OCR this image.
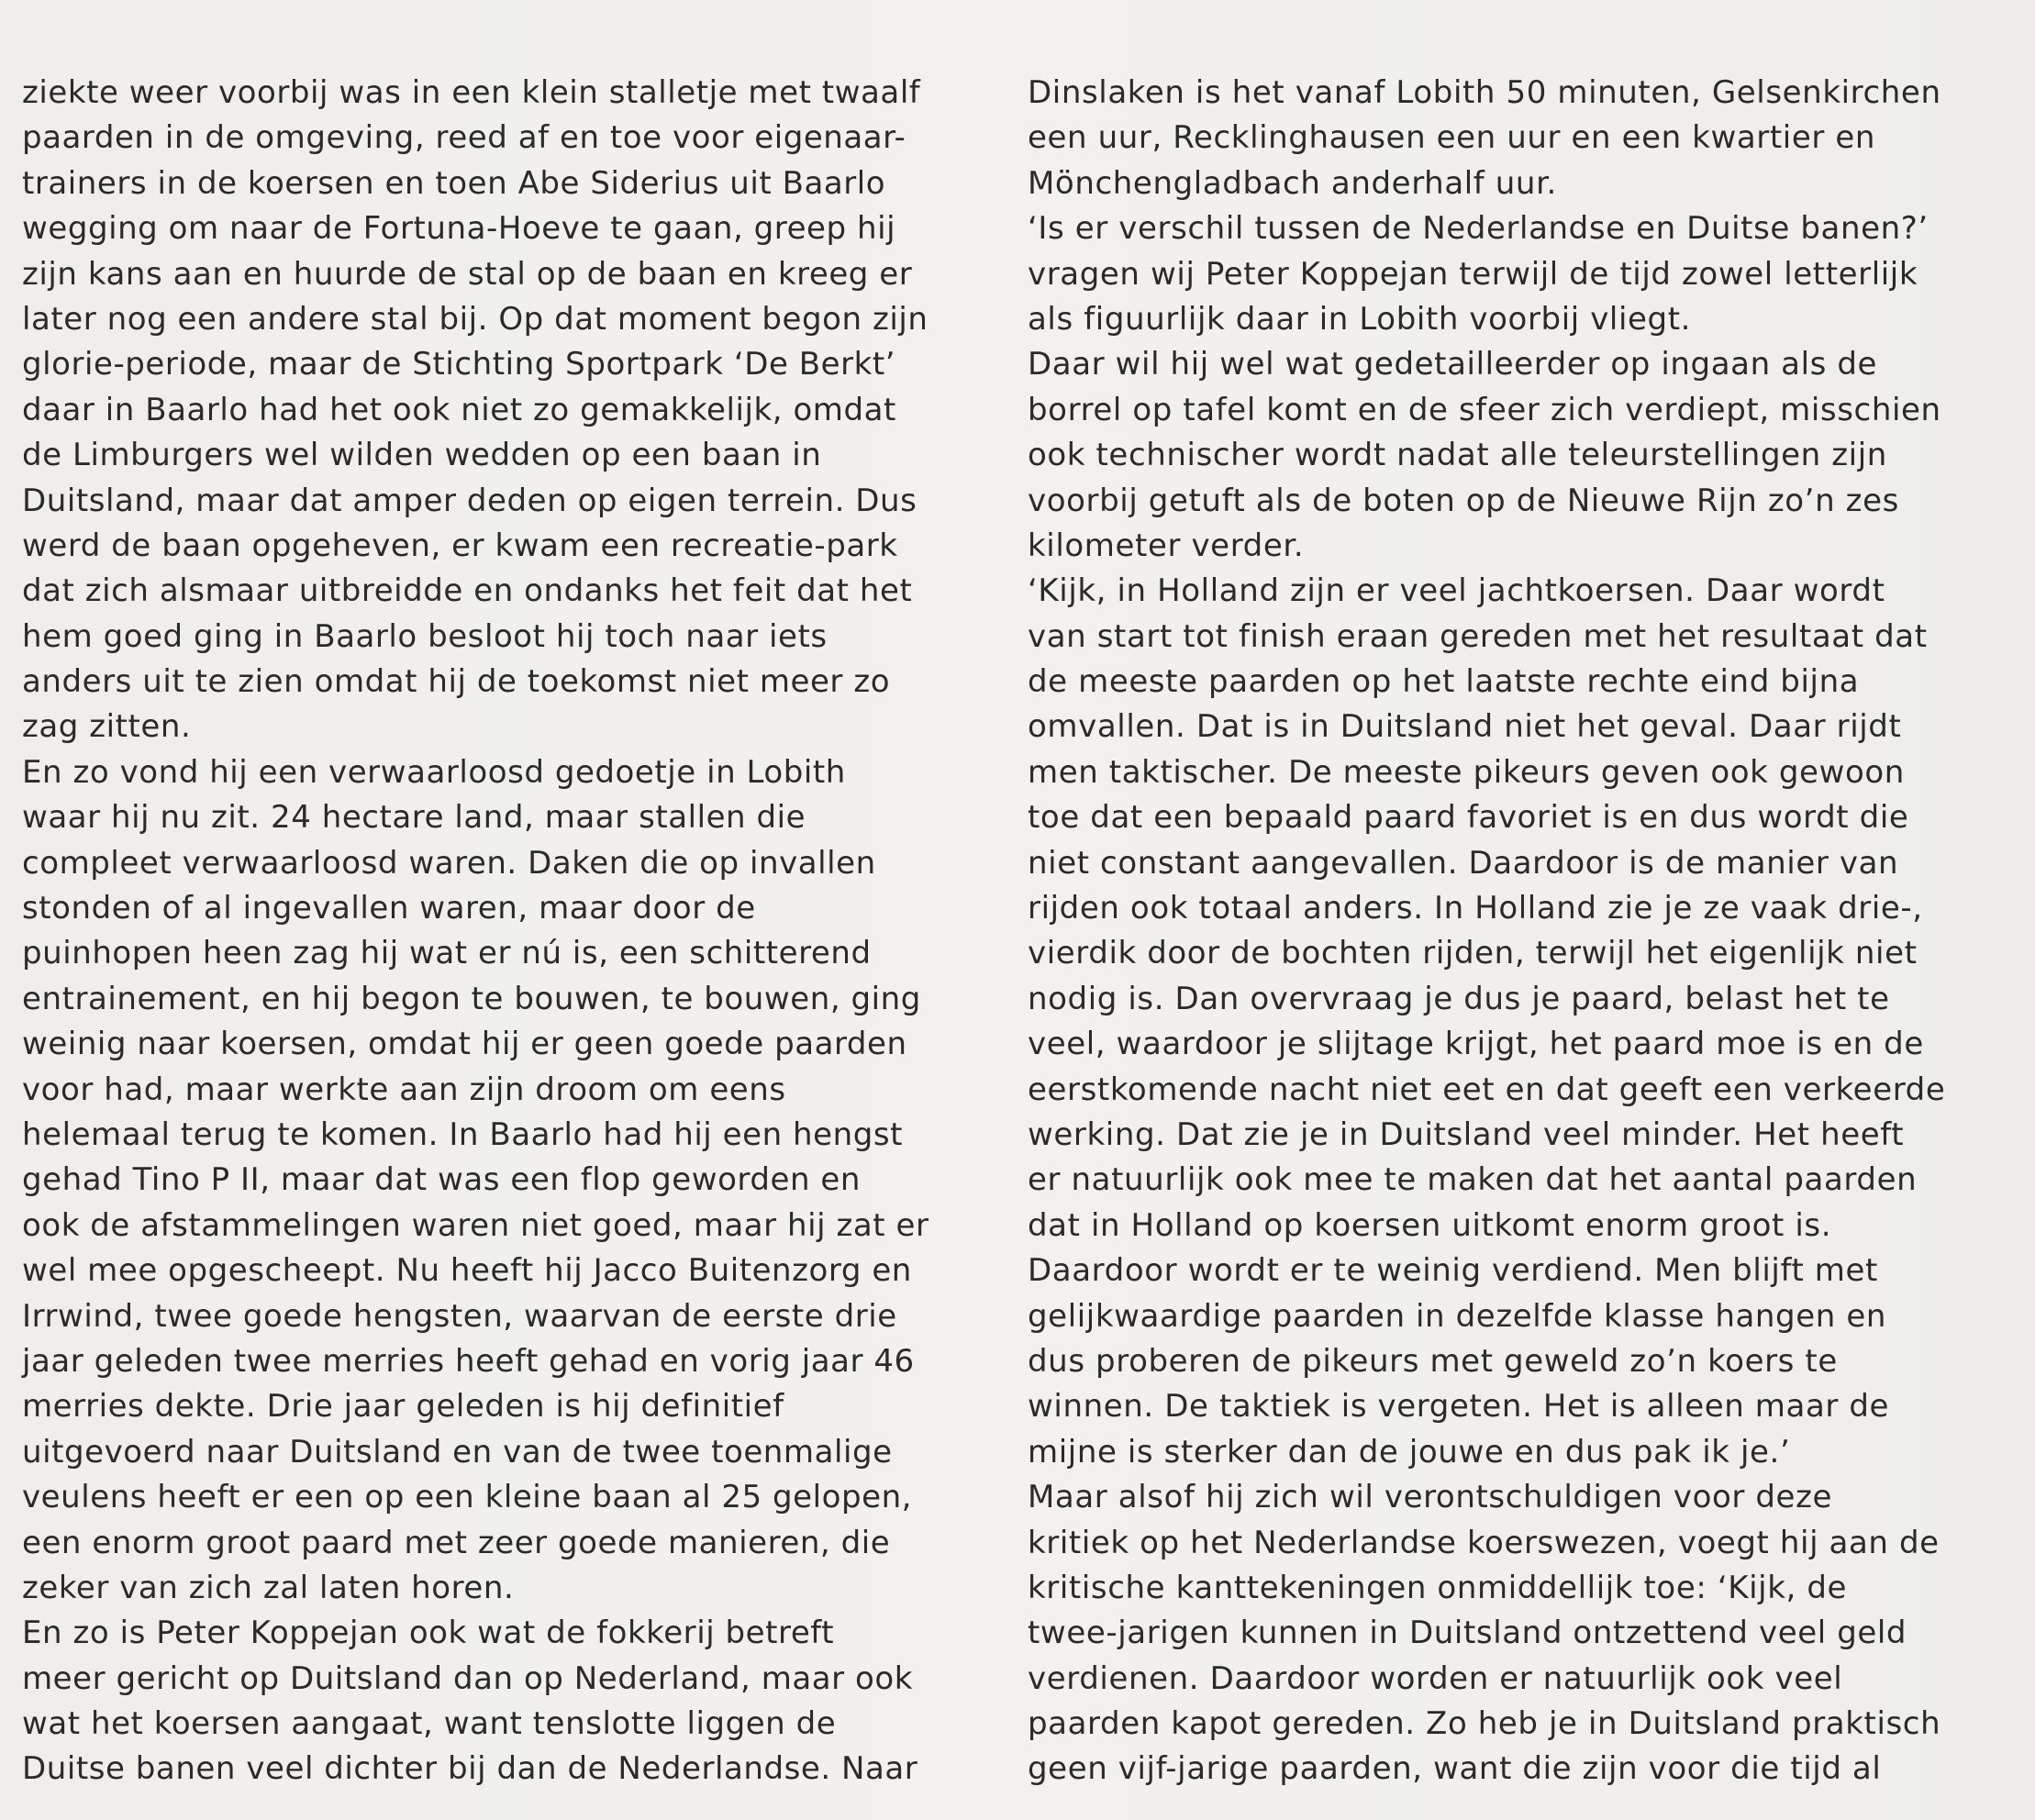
ziekte weer voorbij was in een klein stalletje met twaalf
paarden in de omgeving, reed af en toe voor eigenaar-
trainers in de koersen en toen Abe Siderius uit Baarlo
wegging om naar de Fortuna-Hoeve te gaan, greep hij
zijn kans aan en huurde de stal op de baan en kreeg er
later nog een andere stal bij. Op dat moment begon zijn
glorie-periode, maar de Stichting Sportpark ‘De Berkt’
daar in Baarlo had het ook niet zo gemakkelijk, omdat
de Limburgers wel wilden wedden op een baan in
Duitsland, maar dat amper deden op eigen terrein. Dus
werd de baan opgeheven, er kwam een recreatie-park
dat zich alsmaar uitbreidde en ondanks het feit dat het
hem goed ging in Baarlo besloot hij toch naar iets
anders uit te zien omdat hij de toekomst niet meer zo
zag zitten.
En zo vond hij een verwaarloosd gedoetje in Lobith
waar hij nu zit. 24 hectare land, maar stallen die
compleet verwaarloosd waren. Daken die op invallen
stonden of al ingevallen waren, maar door de
puinhopen heen zag hij wat er nú is, een schitterend
entrainement, en hij begon te bouwen, te bouwen, ging
weinig naar koersen, omdat hij er geen goede paarden
voor had, maar werkte aan zijn droom om eens
helemaal terug te komen. In Baarlo had hij een hengst
gehad Tino P II, maar dat was een flop geworden en
ook de afstammelingen waren niet goed, maar hij zat er
wel mee opgescheept. Nu heeft hij Jacco Buitenzorg en
Irrwind, twee goede hengsten, waarvan de eerste drie
jaar geleden twee merries heeft gehad en vorig jaar 46
merries dekte. Drie jaar geleden is hij definitief
uitgevoerd naar Duitsland en van de twee toenmalige
veulens heeft er een op een kleine baan al 25 gelopen,
een enorm groot paard met zeer goede manieren, die
zeker van zich zal laten horen.
En zo is Peter Koppejan ook wat de fokkerij betreft
meer gericht op Duitsland dan op Nederland, maar ook
wat het koersen aangaat, want tenslotte liggen de
Duitse banen veel dichter bij dan de Nederlandse. Naar
Dinslaken is het vanaf Lobith 50 minuten, Gelsenkirchen
een uur, Recklinghausen een uur en een kwartier en
Mönchengladbach anderhalf uur.
‘Is er verschil tussen de Nederlandse en Duitse banen?’
vragen wij Peter Koppejan terwijl de tijd zowel letterlijk
als figuurlijk daar in Lobith voorbij vliegt.
Daar wil hij wel wat gedetailleerder op ingaan als de
borrel op tafel komt en de sfeer zich verdiept, misschien
ook technischer wordt nadat alle teleurstellingen zijn
voorbij getuft als de boten op de Nieuwe Rijn zo’n zes
kilometer verder.
‘Kijk, in Holland zijn er veel jachtkoersen. Daar wordt
van start tot finish eraan gereden met het resultaat dat
de meeste paarden op het laatste rechte eind bijna
omvallen. Dat is in Duitsland niet het geval. Daar rijdt
men taktischer. De meeste pikeurs geven ook gewoon
toe dat een bepaald paard favoriet is en dus wordt die
niet constant aangevallen. Daardoor is de manier van
rijden ook totaal anders. In Holland zie je ze vaak drie-,
vierdik door de bochten rijden, terwijl het eigenlijk niet
nodig is. Dan overvraag je dus je paard, belast het te
veel, waardoor je slijtage krijgt, het paard moe is en de
eerstkomende nacht niet eet en dat geeft een verkeerde
werking. Dat zie je in Duitsland veel minder. Het heeft
er natuurlijk ook mee te maken dat het aantal paarden
dat in Holland op koersen uitkomt enorm groot is.
Daardoor wordt er te weinig verdiend. Men blijft met
gelijkwaardige paarden in dezelfde klasse hangen en
dus proberen de pikeurs met geweld zo’n koers te
winnen. De taktiek is vergeten. Het is alleen maar de
mijne is sterker dan de jouwe en dus pak ik je.’
Maar alsof hij zich wil verontschuldigen voor deze
kritiek op het Nederlandse koerswezen, voegt hij aan de
kritische kanttekeningen onmiddellijk toe: ‘Kijk, de
twee-jarigen kunnen in Duitsland ontzettend veel geld
verdienen. Daardoor worden er natuurlijk ook veel
paarden kapot gereden. Zo heb je in Duitsland praktisch
geen vijf-jarige paarden, want die zijn voor die tijd al
